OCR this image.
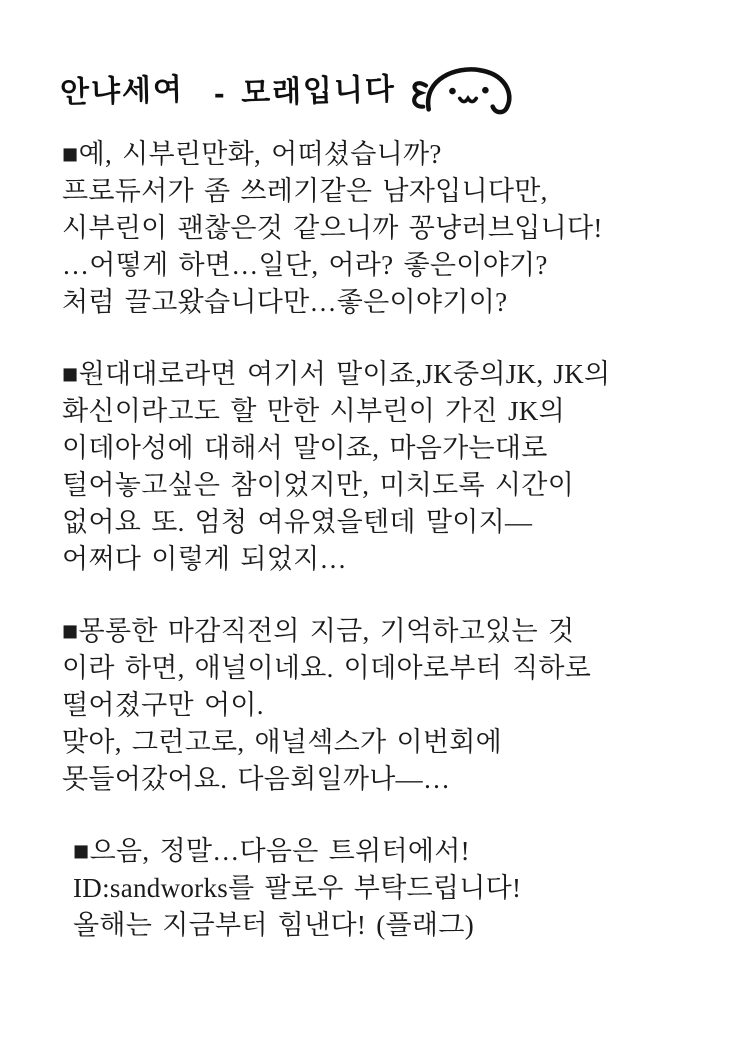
안냐세여 - 모래입니다
■예, 시부린만화, 어떠셨습니까?
프로듀서가 좀 쓰레기같은 남자입니다만,
시부린이 괜찮은것 같으니까 꽁냥러브입니다!
…어떻게 하면…일단, 어라? 좋은이야기?
처럼 끌고왔습니다만…좋은이야기이?
■원대대로라면 여기서 말이죠,JK중의JK, JK의
화신이라고도 할 만한 시부린이 가진 JK의
이데아성에 대해서 말이죠, 마음가는대로
털어놓고싶은 참이었지만, 미치도록 시간이
없어요 또. 엄청 여유였을텐데 말이지—
어쩌다 이렇게 되었지…
■몽롱한 마감직전의 지금, 기억하고있는 것
이라 하면, 애널이네요. 이데아로부터 직하로
떨어졌구만 어이.
맞아, 그런고로, 애널섹스가 이번회에
못들어갔어요. 다음회일까나—…
■으음, 정말…다음은 트위터에서!
ID:sandworks를 팔로우 부탁드립니다!
올해는 지금부터 힘낸다! (플래그)
